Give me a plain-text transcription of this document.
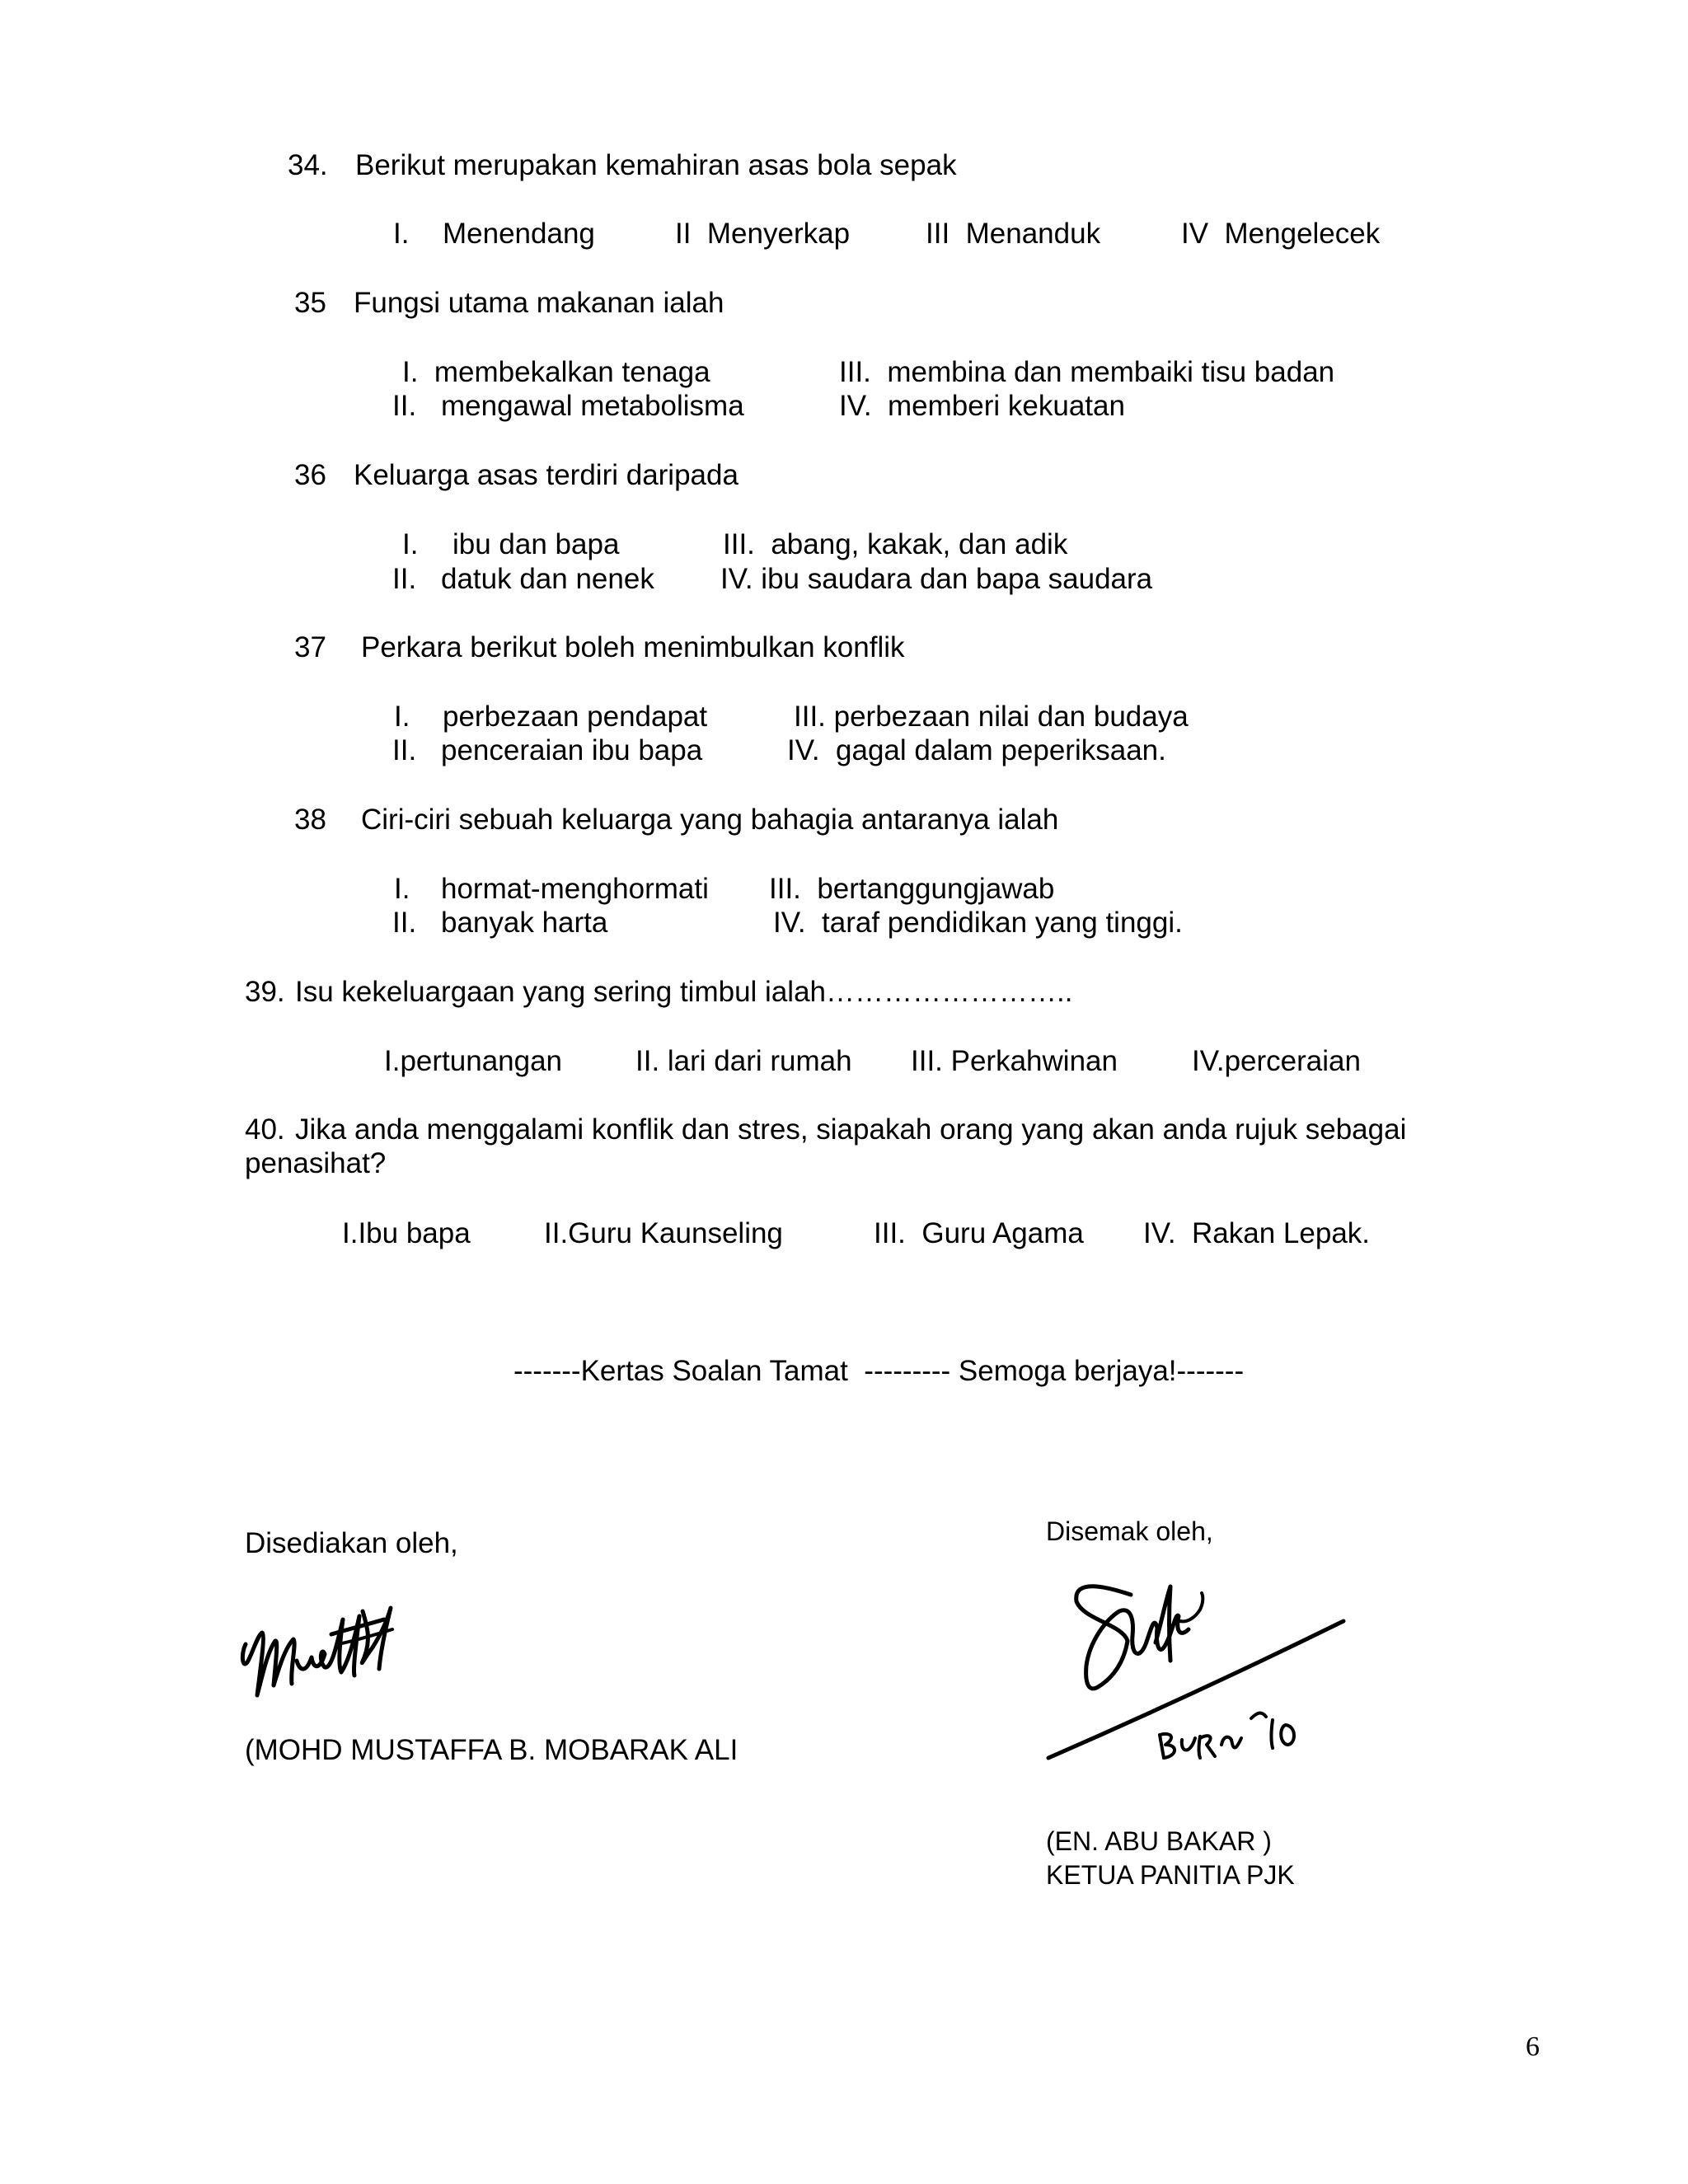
34. Berikut merupakan kemahiran asas bola sepak
I. Menendang	II  Menyerkap	III  Menanduk	IV  Mengelecek
35 Fungsi utama makanan ialah
I.  membekalkan tenaga	III.  membina dan membaiki tisu badan
II. mengawal metabolisma	IV.  memberi kekuatan
36 Keluarga asas terdiri daripada
I. ibu dan bapa	III.  abang, kakak, dan adik
II. datuk dan nenek IV. ibu saudara dan bapa saudara
37 Perkara berikut boleh menimbulkan konflik
I. perbezaan pendapat	III. perbezaan nilai dan budaya
II. penceraian ibu bapa	IV.  gagal dalam peperiksaan.
38 Ciri-ciri sebuah keluarga yang bahagia antaranya ialah
I. hormat-menghormati III.  bertanggungjawab
II. banyak harta	IV.  taraf pendidikan yang tinggi.
39. Isu kekeluargaan yang sering timbul ialah……………………..
I.pertunangan	II. lari dari rumah III. Perkahwinan	IV.perceraian
40. Jika anda menggalami konflik dan stres, siapakah orang yang akan anda rujuk sebagai
penasihat?
I.Ibu bapa	II.Guru Kaunseling	III.  Guru Agama IV.  Rakan Lepak.
-------Kertas Soalan Tamat  --------- Semoga berjaya!-------
Disediakan oleh,
(MOHD MUSTAFFA B. MOBARAK ALI
Disemak oleh,
(EN. ABU BAKAR )
KETUA PANITIA PJK
6
